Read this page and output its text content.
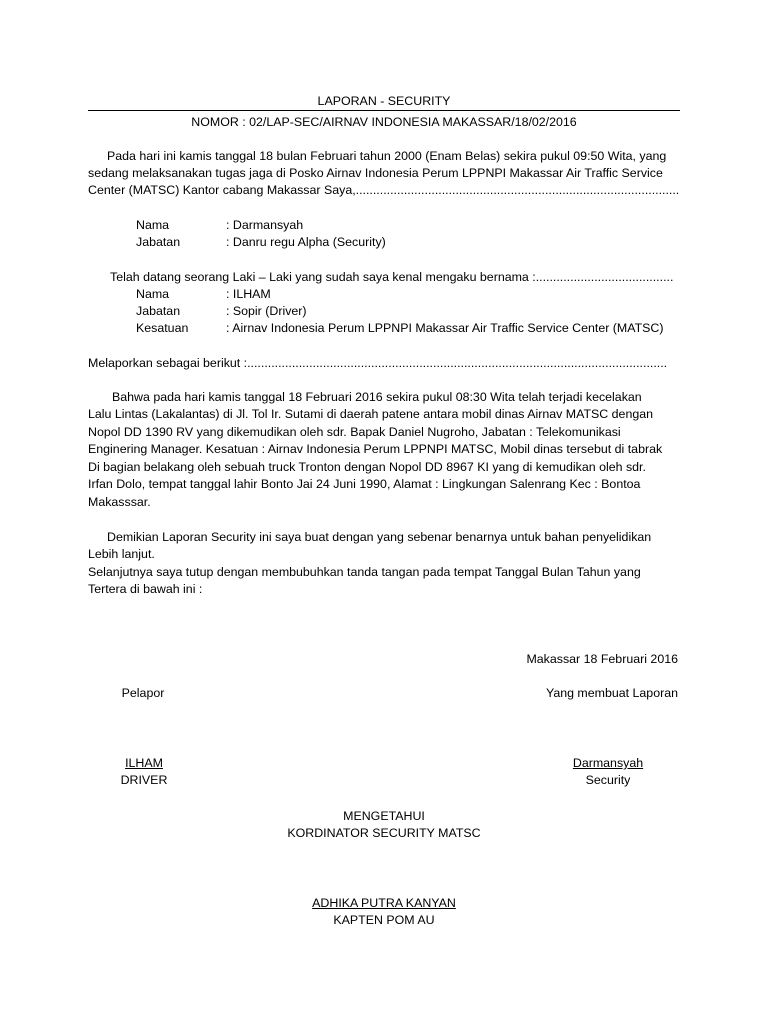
LAPORAN - SECURITY
NOMOR : 02/LAP-SEC/AIRNAV INDONESIA MAKASSAR/18/02/2016
Pada hari ini kamis tanggal 18 bulan Februari tahun 2000 (Enam Belas) sekira pukul 09:50 Wita, yang
sedang melaksanakan tugas jaga di Posko Airnav Indonesia Perum LPPNPI Makassar Air Traffic Service
Center (MATSC) Kantor cabang Makassar Saya,..............................................................................................
Nama	: Darmansyah
Jabatan	: Danru regu Alpha (Security)
Telah datang seorang Laki – Laki yang sudah saya kenal mengaku bernama :........................................
Nama	: ILHAM
Jabatan	: Sopir (Driver)
Kesatuan	: Airnav Indonesia Perum LPPNPI Makassar Air Traffic Service Center (MATSC)
Melaporkan sebagai berikut :..........................................................................................................................
Bahwa pada hari kamis tanggal 18 Februari 2016 sekira pukul 08:30 Wita telah terjadi kecelakan
Lalu Lintas (Lakalantas) di Jl. Tol Ir. Sutami di daerah patene antara mobil dinas Airnav MATSC dengan
Nopol DD 1390 RV yang dikemudikan oleh sdr. Bapak Daniel Nugroho, Jabatan : Telekomunikasi
Enginering Manager. Kesatuan : Airnav Indonesia Perum LPPNPI MATSC, Mobil dinas tersebut di tabrak
Di bagian belakang oleh sebuah truck Tronton dengan Nopol DD 8967 KI yang di kemudikan oleh sdr.
Irfan Dolo, tempat tanggal lahir Bonto Jai 24 Juni 1990, Alamat : Lingkungan Salenrang Kec : Bontoa
Makasssar.
Demikian Laporan Security ini saya buat dengan yang sebenar benarnya untuk bahan penyelidikan
Lebih lanjut.
Selanjutnya saya tutup dengan membubuhkan tanda tangan pada tempat Tanggal Bulan Tahun yang
Tertera di bawah ini :
Makassar 18 Februari 2016
Pelapor	Yang membuat Laporan
ILHAM
DRIVER
Darmansyah
Security
MENGETAHUI
KORDINATOR SECURITY MATSC
ADHIKA PUTRA KANYAN
KAPTEN POM AU
